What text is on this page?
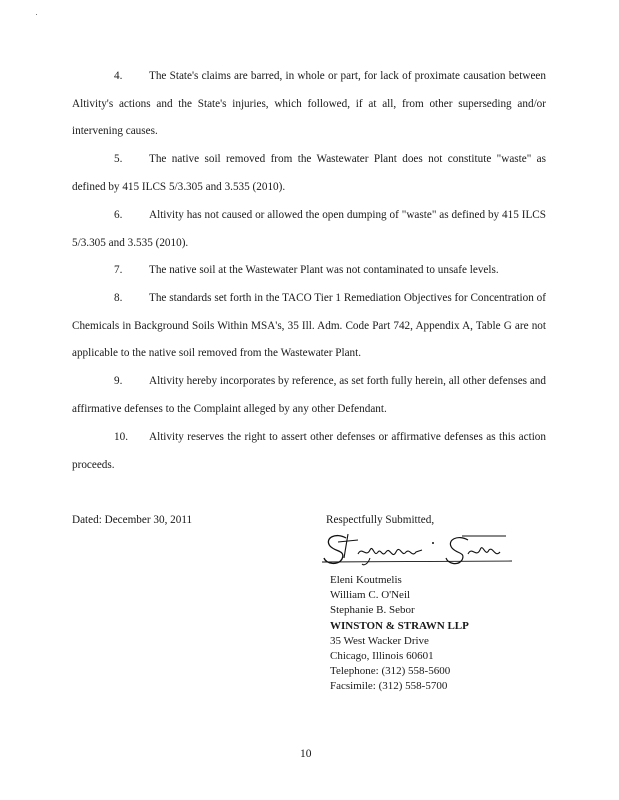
4. The State's claims are barred, in whole or part, for lack of proximate causation between Altivity's actions and the State's injuries, which followed, if at all, from other superseding and/or intervening causes.

5. The native soil removed from the Wastewater Plant does not constitute "waste" as defined by 415 ILCS 5/3.305 and 3.535 (2010).

6. Altivity has not caused or allowed the open dumping of "waste" as defined by 415 ILCS 5/3.305 and 3.535 (2010).

7. The native soil at the Wastewater Plant was not contaminated to unsafe levels.

8. The standards set forth in the TACO Tier 1 Remediation Objectives for Concentration of Chemicals in Background Soils Within MSA's, 35 Ill. Adm. Code Part 742, Appendix A, Table G are not applicable to the native soil removed from the Wastewater Plant.

9. Altivity hereby incorporates by reference, as set forth fully herein, all other defenses and affirmative defenses to the Complaint alleged by any other Defendant.

10. Altivity reserves the right to assert other defenses or affirmative defenses as this action proceeds.

Dated: December 30, 2011	Respectfully Submitted,
Eleni Koutmelis
William C. O'Neil
Stephanie B. Sebor
WINSTON & STRAWN LLP
35 West Wacker Drive
Chicago, Illinois 60601
Telephone: (312) 558-5600
Facsimile: (312) 558-5700
10
